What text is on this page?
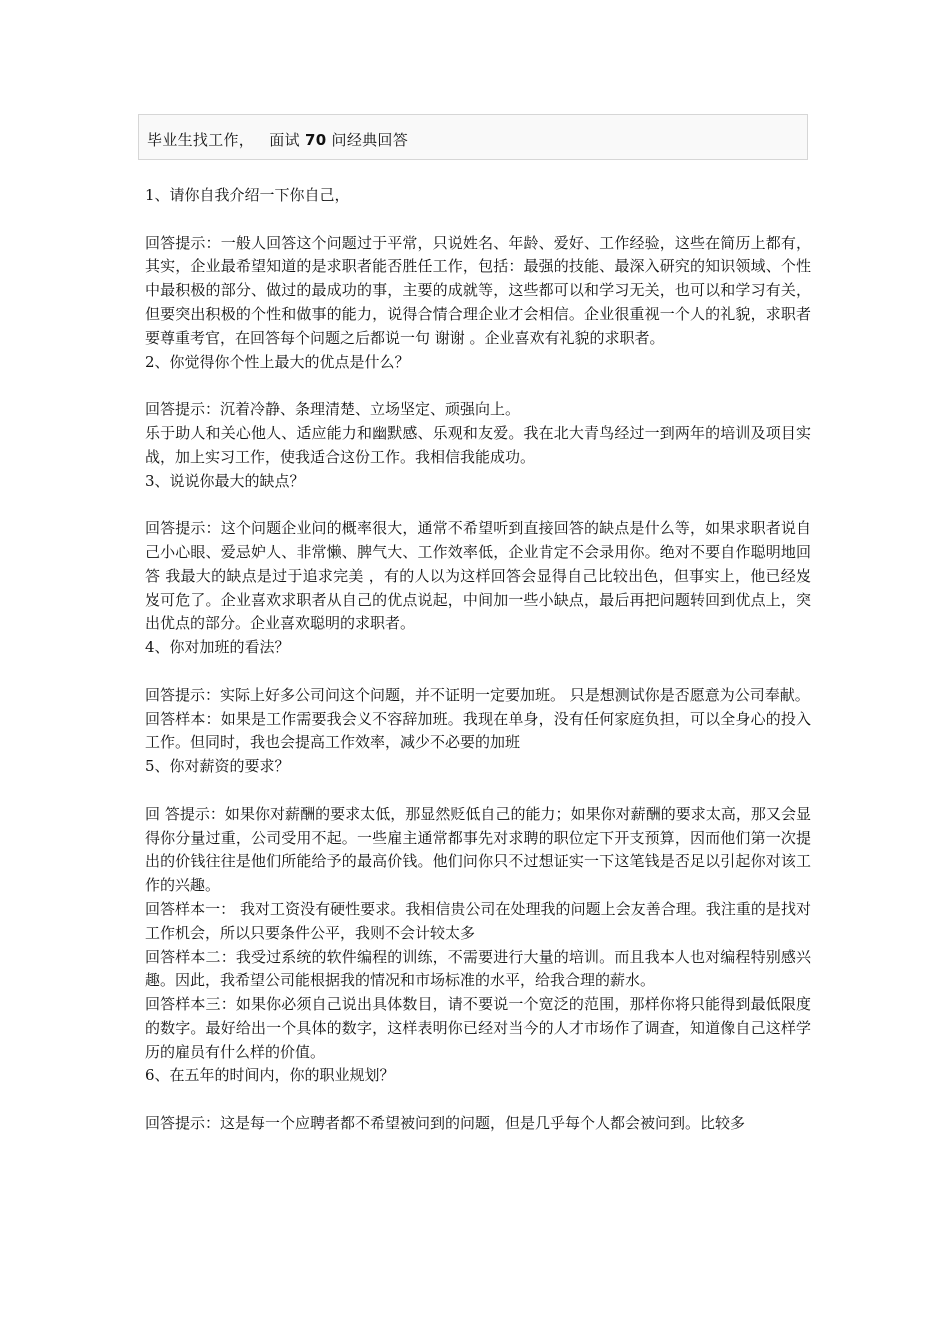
毕业生找工作，   面试 70 问经典回答

1、请你自我介绍一下你自己，

回答提示：一般人回答这个问题过于平常，只说姓名、年龄、爱好、工作经验，这些在简历上都有，其实，企业最希望知道的是求职者能否胜任工作，包括：最强的技能、最深入研究的知识领域、个性中最积极的部分、做过的最成功的事，主要的成就等，这些都可以和学习无关，也可以和学习有关，但要突出积极的个性和做事的能力，说得合情合理企业才会相信。企业很重视一个人的礼貌，求职者要尊重考官，在回答每个问题之后都说一句 谢谢 。企业喜欢有礼貌的求职者。

2、你觉得你个性上最大的优点是什么？

回答提示：沉着冷静、条理清楚、立场坚定、顽强向上。

乐于助人和关心他人、适应能力和幽默感、乐观和友爱。我在北大青鸟经过一到两年的培训及项目实战，加上实习工作，使我适合这份工作。我相信我能成功。

3、说说你最大的缺点？

回答提示：这个问题企业问的概率很大，通常不希望听到直接回答的缺点是什么等，如果求职者说自己小心眼、爱忌妒人、非常懒、脾气大、工作效率低，企业肯定不会录用你。绝对不要自作聪明地回答 我最大的缺点是过于追求完美 ，有的人以为这样回答会显得自己比较出色，但事实上，他已经岌岌可危了。企业喜欢求职者从自己的优点说起，中间加一些小缺点，最后再把问题转回到优点上，突出优点的部分。企业喜欢聪明的求职者。

4、你对加班的看法？

回答提示：实际上好多公司问这个问题，并不证明一定要加班。 只是想测试你是否愿意为公司奉献。

回答样本：如果是工作需要我会义不容辞加班。我现在单身，没有任何家庭负担，可以全身心的投入工作。但同时，我也会提高工作效率，减少不必要的加班

5、你对薪资的要求？

回 答提示：如果你对薪酬的要求太低，那显然贬低自己的能力；如果你对薪酬的要求太高，那又会显得你分量过重，公司受用不起。一些雇主通常都事先对求聘的职位定下开支预算，因而他们第一次提出的价钱往往是他们所能给予的最高价钱。他们问你只不过想证实一下这笔钱是否足以引起你对该工作的兴趣。

回答样本一： 我对工资没有硬性要求。我相信贵公司在处理我的问题上会友善合理。我注重的是找对工作机会，所以只要条件公平，我则不会计较太多

回答样本二：我受过系统的软件编程的训练，不需要进行大量的培训。而且我本人也对编程特别感兴趣。因此，我希望公司能根据我的情况和市场标准的水平，给我合理的薪水。

回答样本三：如果你必须自己说出具体数目，请不要说一个宽泛的范围，那样你将只能得到最低限度的数字。最好给出一个具体的数字，这样表明你已经对当今的人才市场作了调查，知道像自己这样学历的雇员有什么样的价值。

6、在五年的时间内，你的职业规划？

回答提示：这是每一个应聘者都不希望被问到的问题，但是几乎每个人都会被问到。比较多
